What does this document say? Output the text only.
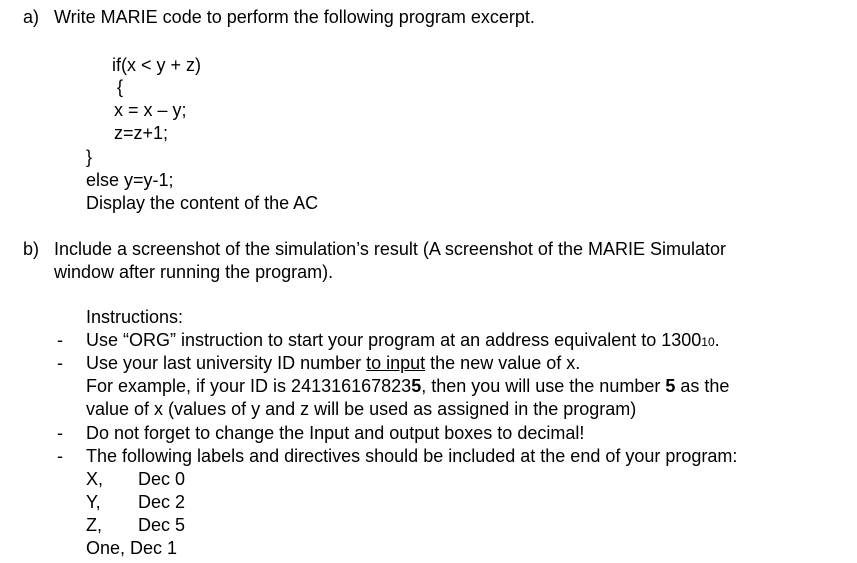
a) Write MARIE code to perform the following program excerpt.
if(x < y + z)
{
x = x – y;
z=z+1;
}
else y=y-1;
Display the content of the AC
b) Include a screenshot of the simulation’s result (A screenshot of the MARIE Simulator
window after running the program).
Instructions:
- Use “ORG” instruction to start your program at an address equivalent to 130010.
- Use your last university ID number to input the new value of x.
For example, if your ID is 2413161678235, then you will use the number 5 as the
value of x (values of y and z will be used as assigned in the program)
- Do not forget to change the Input and output boxes to decimal!
- The following labels and directives should be included at the end of your program:
X, Dec 0
Y, Dec 2
Z, Dec 5
One, Dec 1
